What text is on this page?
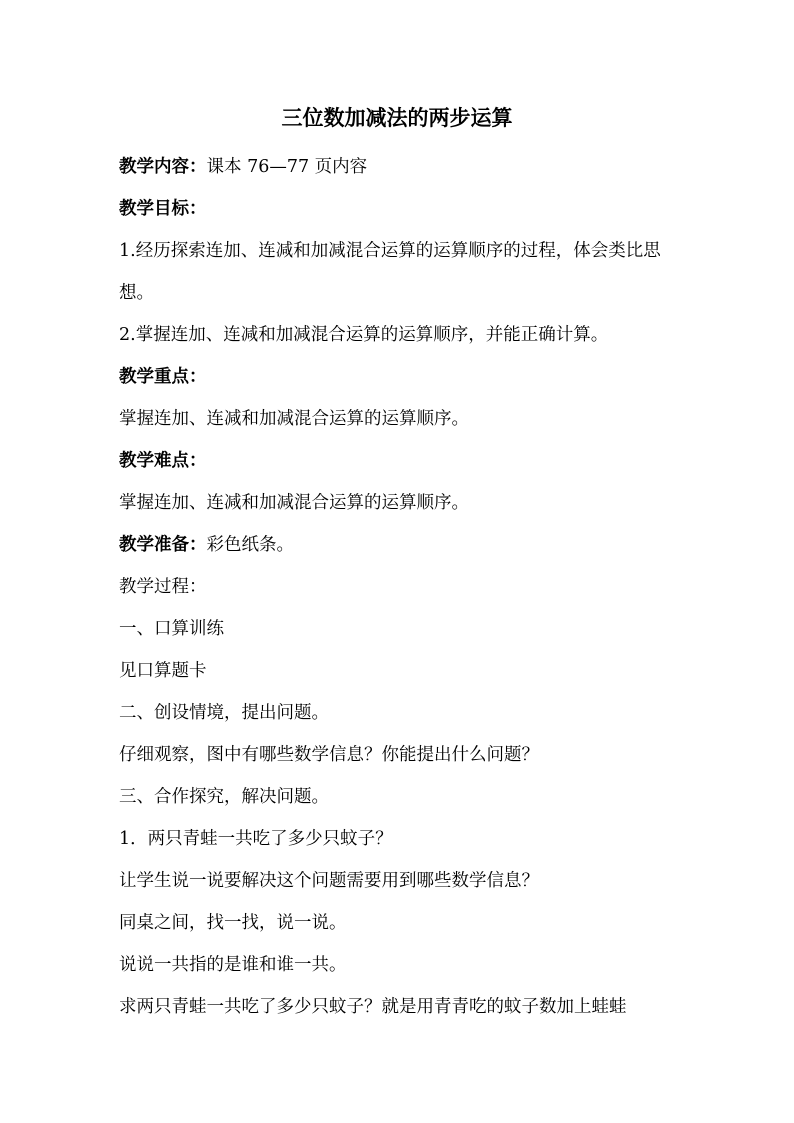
三位数加减法的两步运算
教学内容：课本 76—77 页内容
教学目标：
1.经历探索连加、连减和加减混合运算的运算顺序的过程，体会类比思想。
2.掌握连加、连减和加减混合运算的运算顺序，并能正确计算。
教学重点：
掌握连加、连减和加减混合运算的运算顺序。
教学难点：
掌握连加、连减和加减混合运算的运算顺序。
教学准备：彩色纸条。
教学过程：
一、口算训练
见口算题卡
二、创设情境，提出问题。
仔细观察，图中有哪些数学信息？你能提出什么问题？
三、合作探究，解决问题。
1．两只青蛙一共吃了多少只蚊子？
让学生说一说要解决这个问题需要用到哪些数学信息？
同桌之间，找一找，说一说。
说说一共指的是谁和谁一共。
求两只青蛙一共吃了多少只蚊子？就是用青青吃的蚊子数加上蛙蛙
